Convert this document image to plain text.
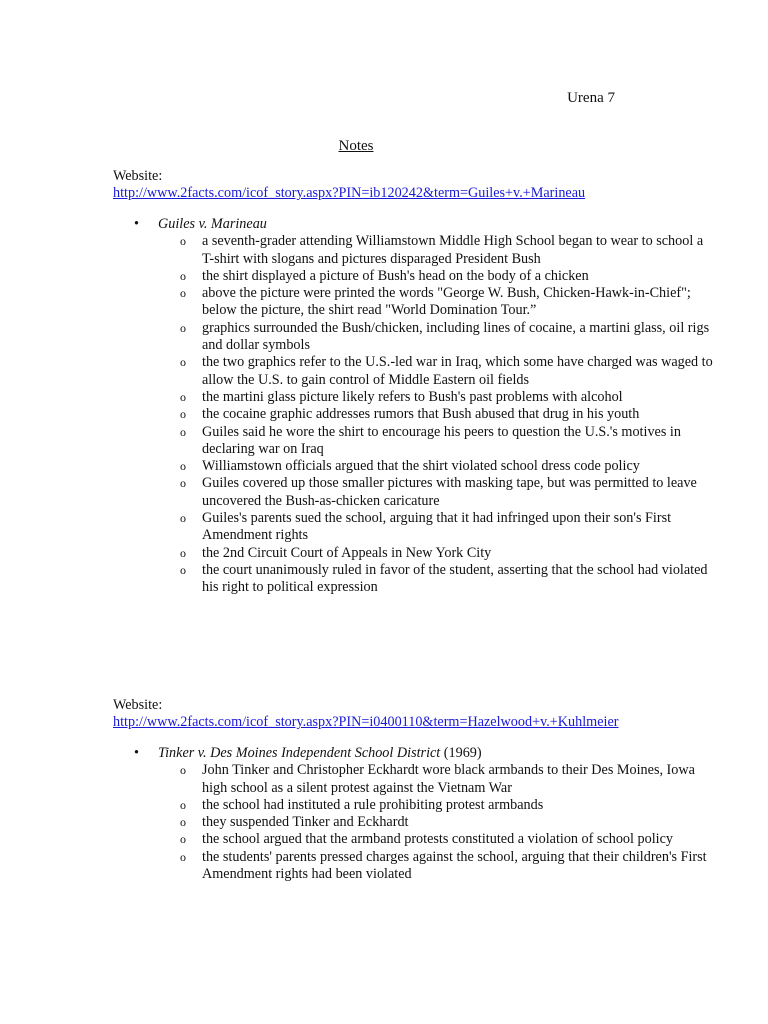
Urena 7
Notes
Website:
http://www.2facts.com/icof_story.aspx?PIN=ib120242&term=Guiles+v.+Marineau
• Guiles v. Marineau
o a seventh-grader attending Williamstown Middle High School began to wear to school a T-shirt with slogans and pictures disparaged President Bush
o the shirt displayed a picture of Bush's head on the body of a chicken
o above the picture were printed the words "George W. Bush, Chicken-Hawk-in-Chief"; below the picture, the shirt read "World Domination Tour.”
o graphics surrounded the Bush/chicken, including lines of cocaine, a martini glass, oil rigs and dollar symbols
o the two graphics refer to the U.S.-led war in Iraq, which some have charged was waged to allow the U.S. to gain control of Middle Eastern oil fields
o the martini glass picture likely refers to Bush's past problems with alcohol
o the cocaine graphic addresses rumors that Bush abused that drug in his youth
o Guiles said he wore the shirt to encourage his peers to question the U.S.'s motives in declaring war on Iraq
o Williamstown officials argued that the shirt violated school dress code policy
o Guiles covered up those smaller pictures with masking tape, but was permitted to leave uncovered the Bush-as-chicken caricature
o Guiles's parents sued the school, arguing that it had infringed upon their son's First Amendment rights
o the 2nd Circuit Court of Appeals in New York City
o the court unanimously ruled in favor of the student, asserting that the school had violated his right to political expression
Website:
http://www.2facts.com/icof_story.aspx?PIN=i0400110&term=Hazelwood+v.+Kuhlmeier
• Tinker v. Des Moines Independent School District (1969)
o John Tinker and Christopher Eckhardt wore black armbands to their Des Moines, Iowa high school as a silent protest against the Vietnam War
o the school had instituted a rule prohibiting protest armbands
o they suspended Tinker and Eckhardt
o the school argued that the armband protests constituted a violation of school policy
o the students' parents pressed charges against the school, arguing that their children's First Amendment rights had been violated
